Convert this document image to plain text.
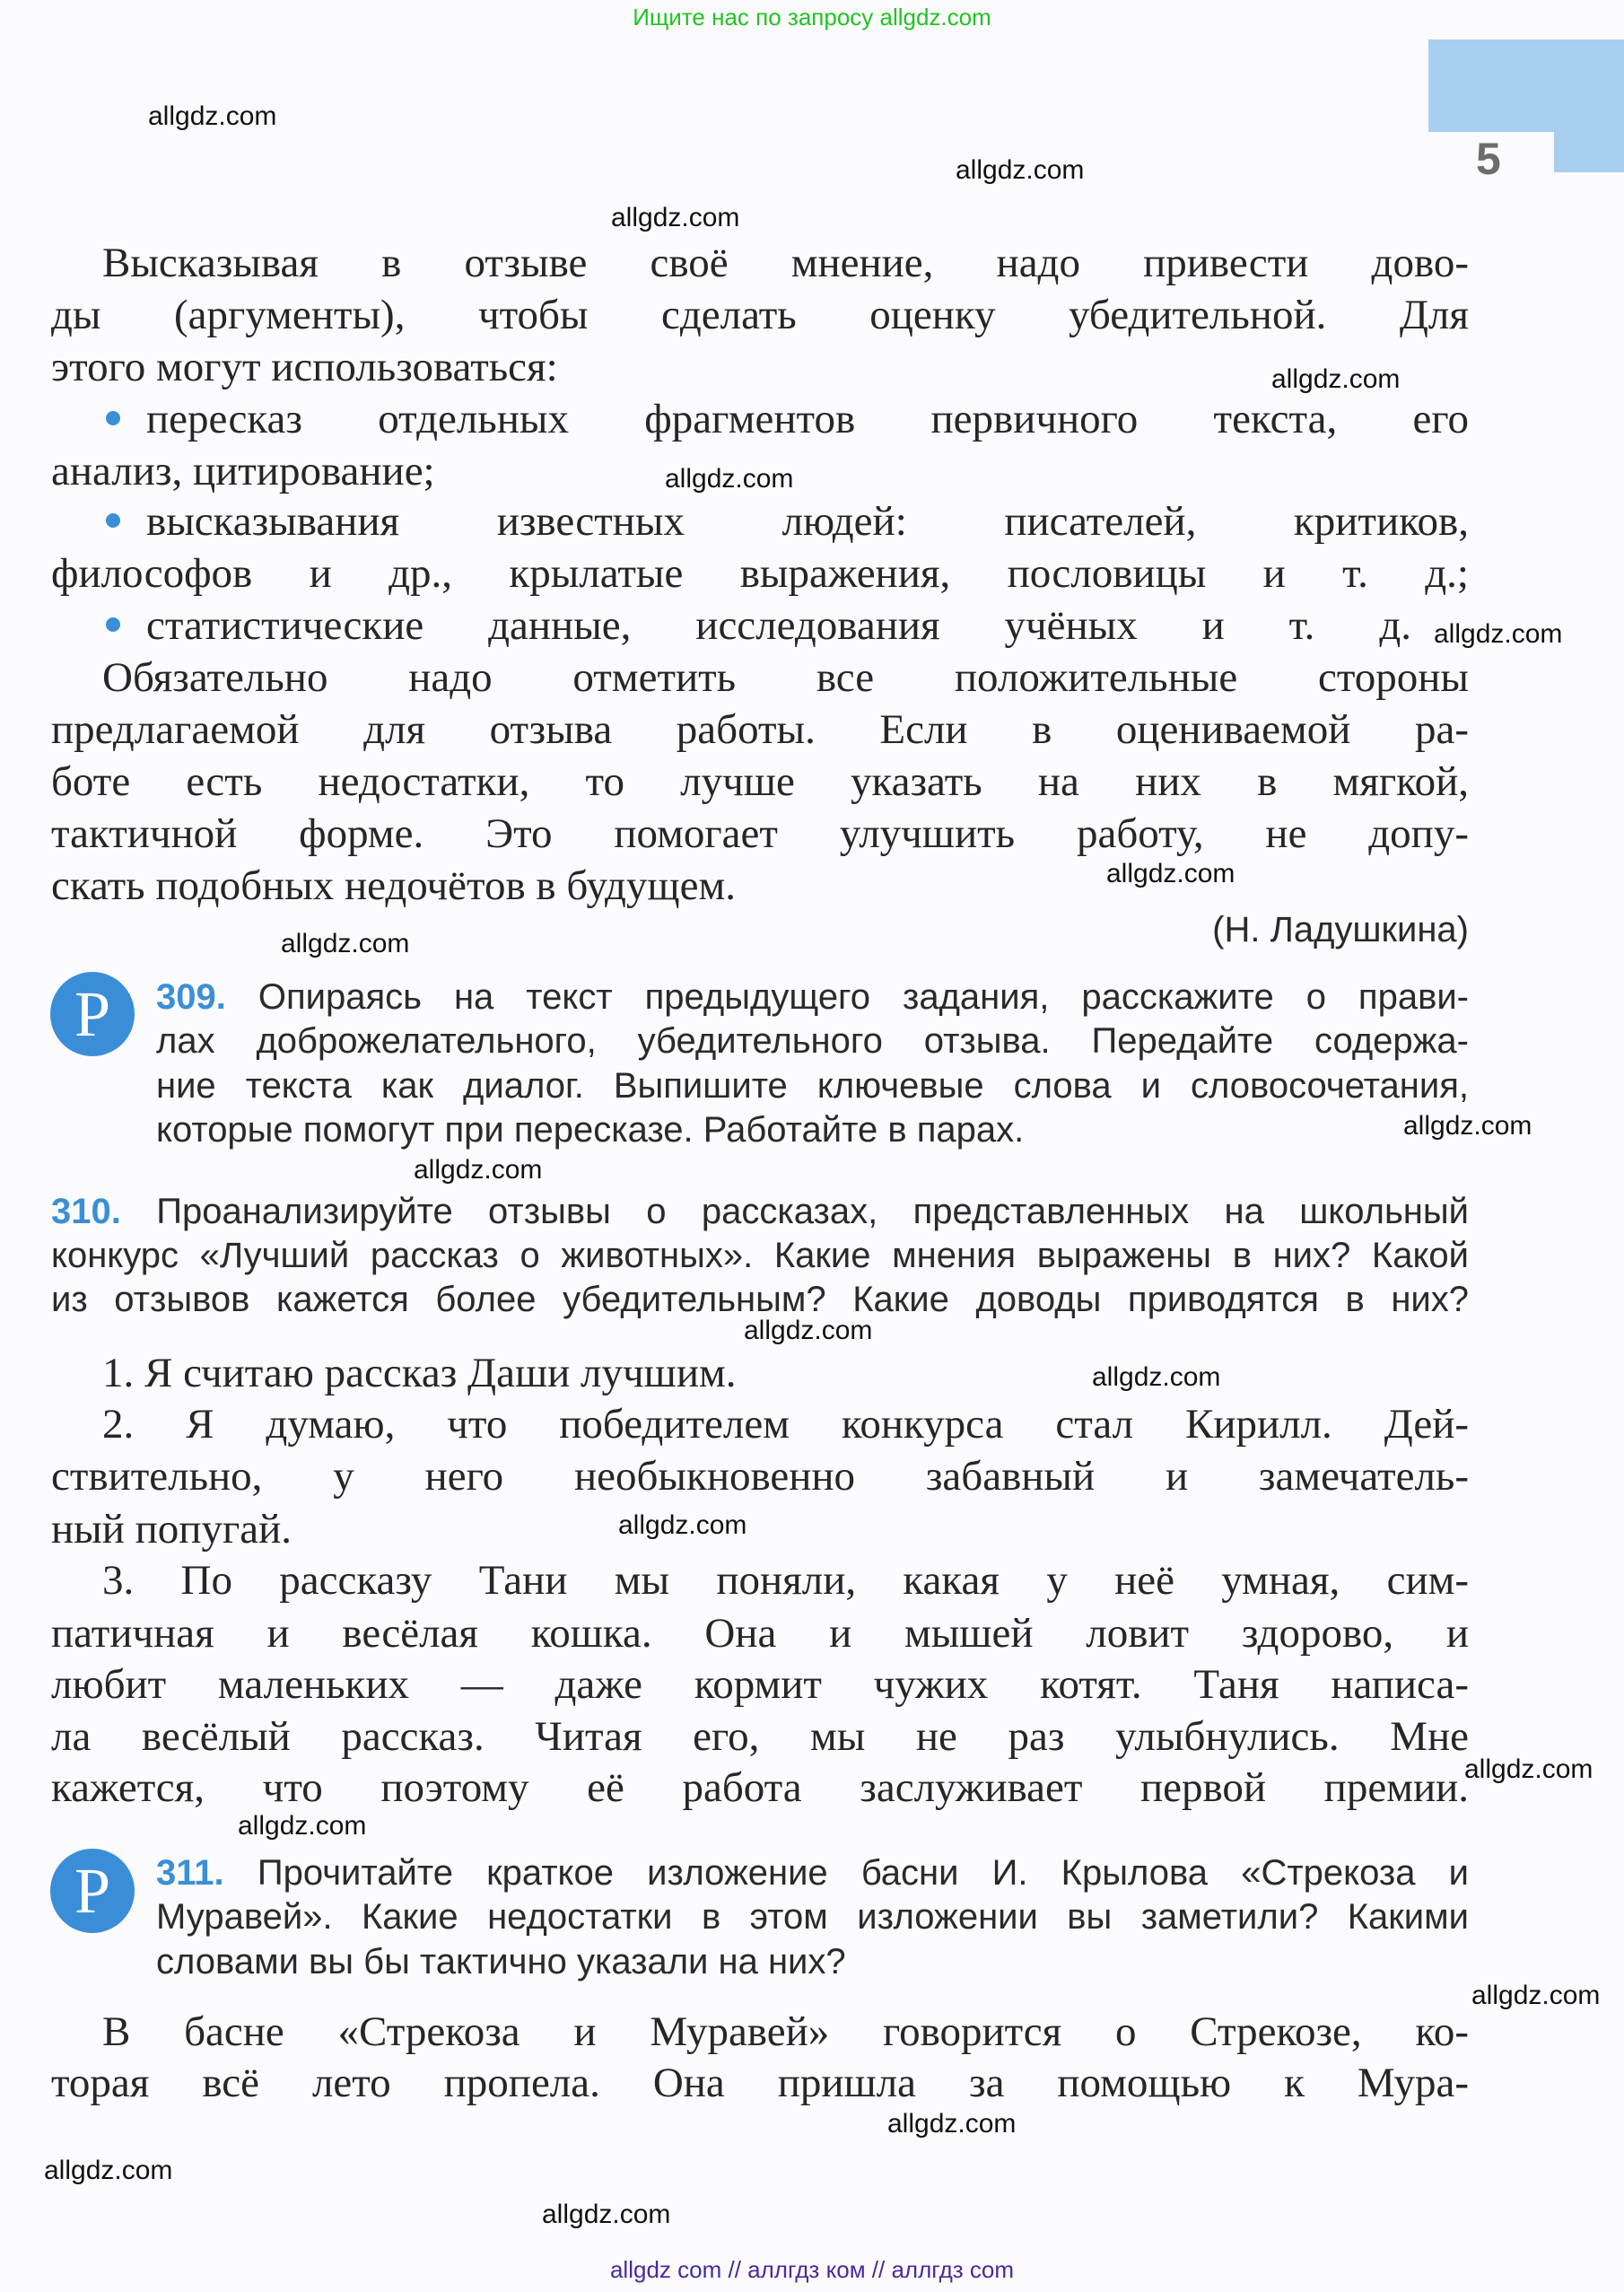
Ищите нас по запросу allgdz.com
5
Высказывая в отзыве своё мнение, надо привести дово-
ды (аргументы), чтобы сделать оценку убедительной. Для
этого могут использоваться:
пересказ отдельных фрагментов первичного текста, его
анализ, цитирование;
высказывания известных людей: писателей, критиков,
философов и др., крылатые выражения, пословицы и т. д.;
статистические данные, исследования учёных и т. д.
Обязательно надо отметить все положительные стороны
предлагаемой для отзыва работы. Если в оцениваемой ра-
боте есть недостатки, то лучше указать на них в мягкой,
тактичной форме. Это помогает улучшить работу, не допу-
скать подобных недочётов в будущем.
(Н. Ладушкина)
Р	309. Опираясь на текст предыдущего задания, расскажите о прави-
лах доброжелательного, убедительного отзыва. Передайте содержа-
ние текста как диалог. Выпишите ключевые слова и словосочетания,
которые помогут при пересказе. Работайте в парах.
310. Проанализируйте отзывы о рассказах, представленных на школьный
конкурс «Лучший рассказ о животных». Какие мнения выражены в них? Какой
из отзывов кажется более убедительным? Какие доводы приводятся в них?
1. Я считаю рассказ Даши лучшим.
2. Я думаю, что победителем конкурса стал Кирилл. Дей-
ствительно, у него необыкновенно забавный и замечатель-
ный попугай.
3. По рассказу Тани мы поняли, какая у неё умная, сим-
патичная и весёлая кошка. Она и мышей ловит здорово, и
любит маленьких — даже кормит чужих котят. Таня написа-
ла весёлый рассказ. Читая его, мы не раз улыбнулись. Мне
кажется, что поэтому её работа заслуживает первой премии.
Р	311. Прочитайте краткое изложение басни И. Крылова «Стрекоза и
Муравей». Какие недостатки в этом изложении вы заметили? Какими
словами вы бы тактично указали на них?
В басне «Стрекоза и Муравей» говорится о Стрекозе, ко-
торая всё лето пропела. Она пришла за помощью к Мура-
allgdz.com
allgdz.com
allgdz.com
allgdz.com
allgdz.com
allgdz.com
allgdz.com
allgdz.com
allgdz.com
allgdz.com
allgdz.com
allgdz.com
allgdz.com
allgdz.com
allgdz.com
allgdz.com
allgdz.com
allgdz.com
allgdz.com
allgdz com // аллгдз ком // аллгдз com
